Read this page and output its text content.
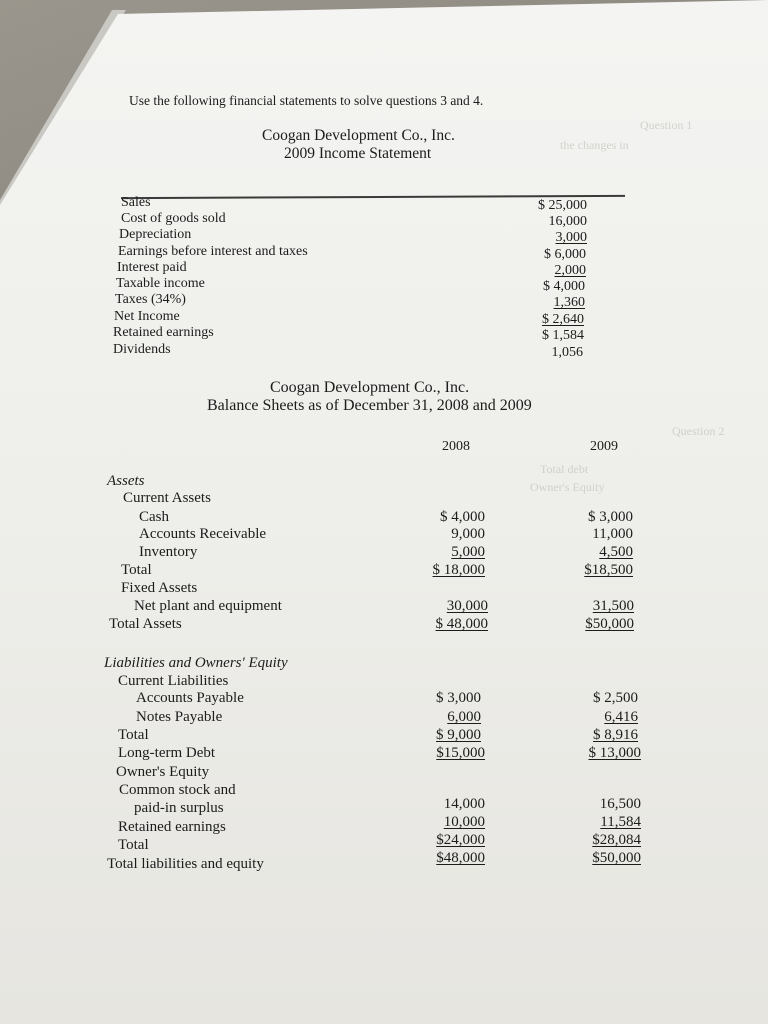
Question 1
the changes in
Question 2
Total debt
Owner's Equity
Use the following financial statements to solve questions 3 and 4.
Coogan Development Co., Inc.
2009 Income Statement
Sales	$ 25,000
Cost of goods sold	16,000
Depreciation	3,000
Earnings before interest and taxes	$ 6,000
Interest paid	2,000
Taxable income	$ 4,000
Taxes (34%)	1,360
Net Income	$ 2,640
Retained earnings	$ 1,584
Dividends	1,056
Coogan Development Co., Inc.
Balance Sheets as of December 31, 2008 and 2009
2008	2009
Assets
Current Assets
Cash	$ 4,000	$ 3,000
Accounts Receivable	9,000	11,000
Inventory	5,000	4,500
Total	$ 18,000	$18,500
Fixed Assets
Net plant and equipment	30,000	31,500
Total Assets	$ 48,000	$50,000
Liabilities and Owners' Equity
Current Liabilities
Accounts Payable	$ 3,000	$ 2,500
Notes Payable	6,000	6,416
Total	$ 9,000	$ 8,916
Long-term Debt	$15,000	$ 13,000
Owner's Equity
Common stock and
paid-in surplus	14,000	16,500
Retained earnings	10,000	11,584
Total	$24,000	$28,084
Total liabilities and equity	$48,000	$50,000
